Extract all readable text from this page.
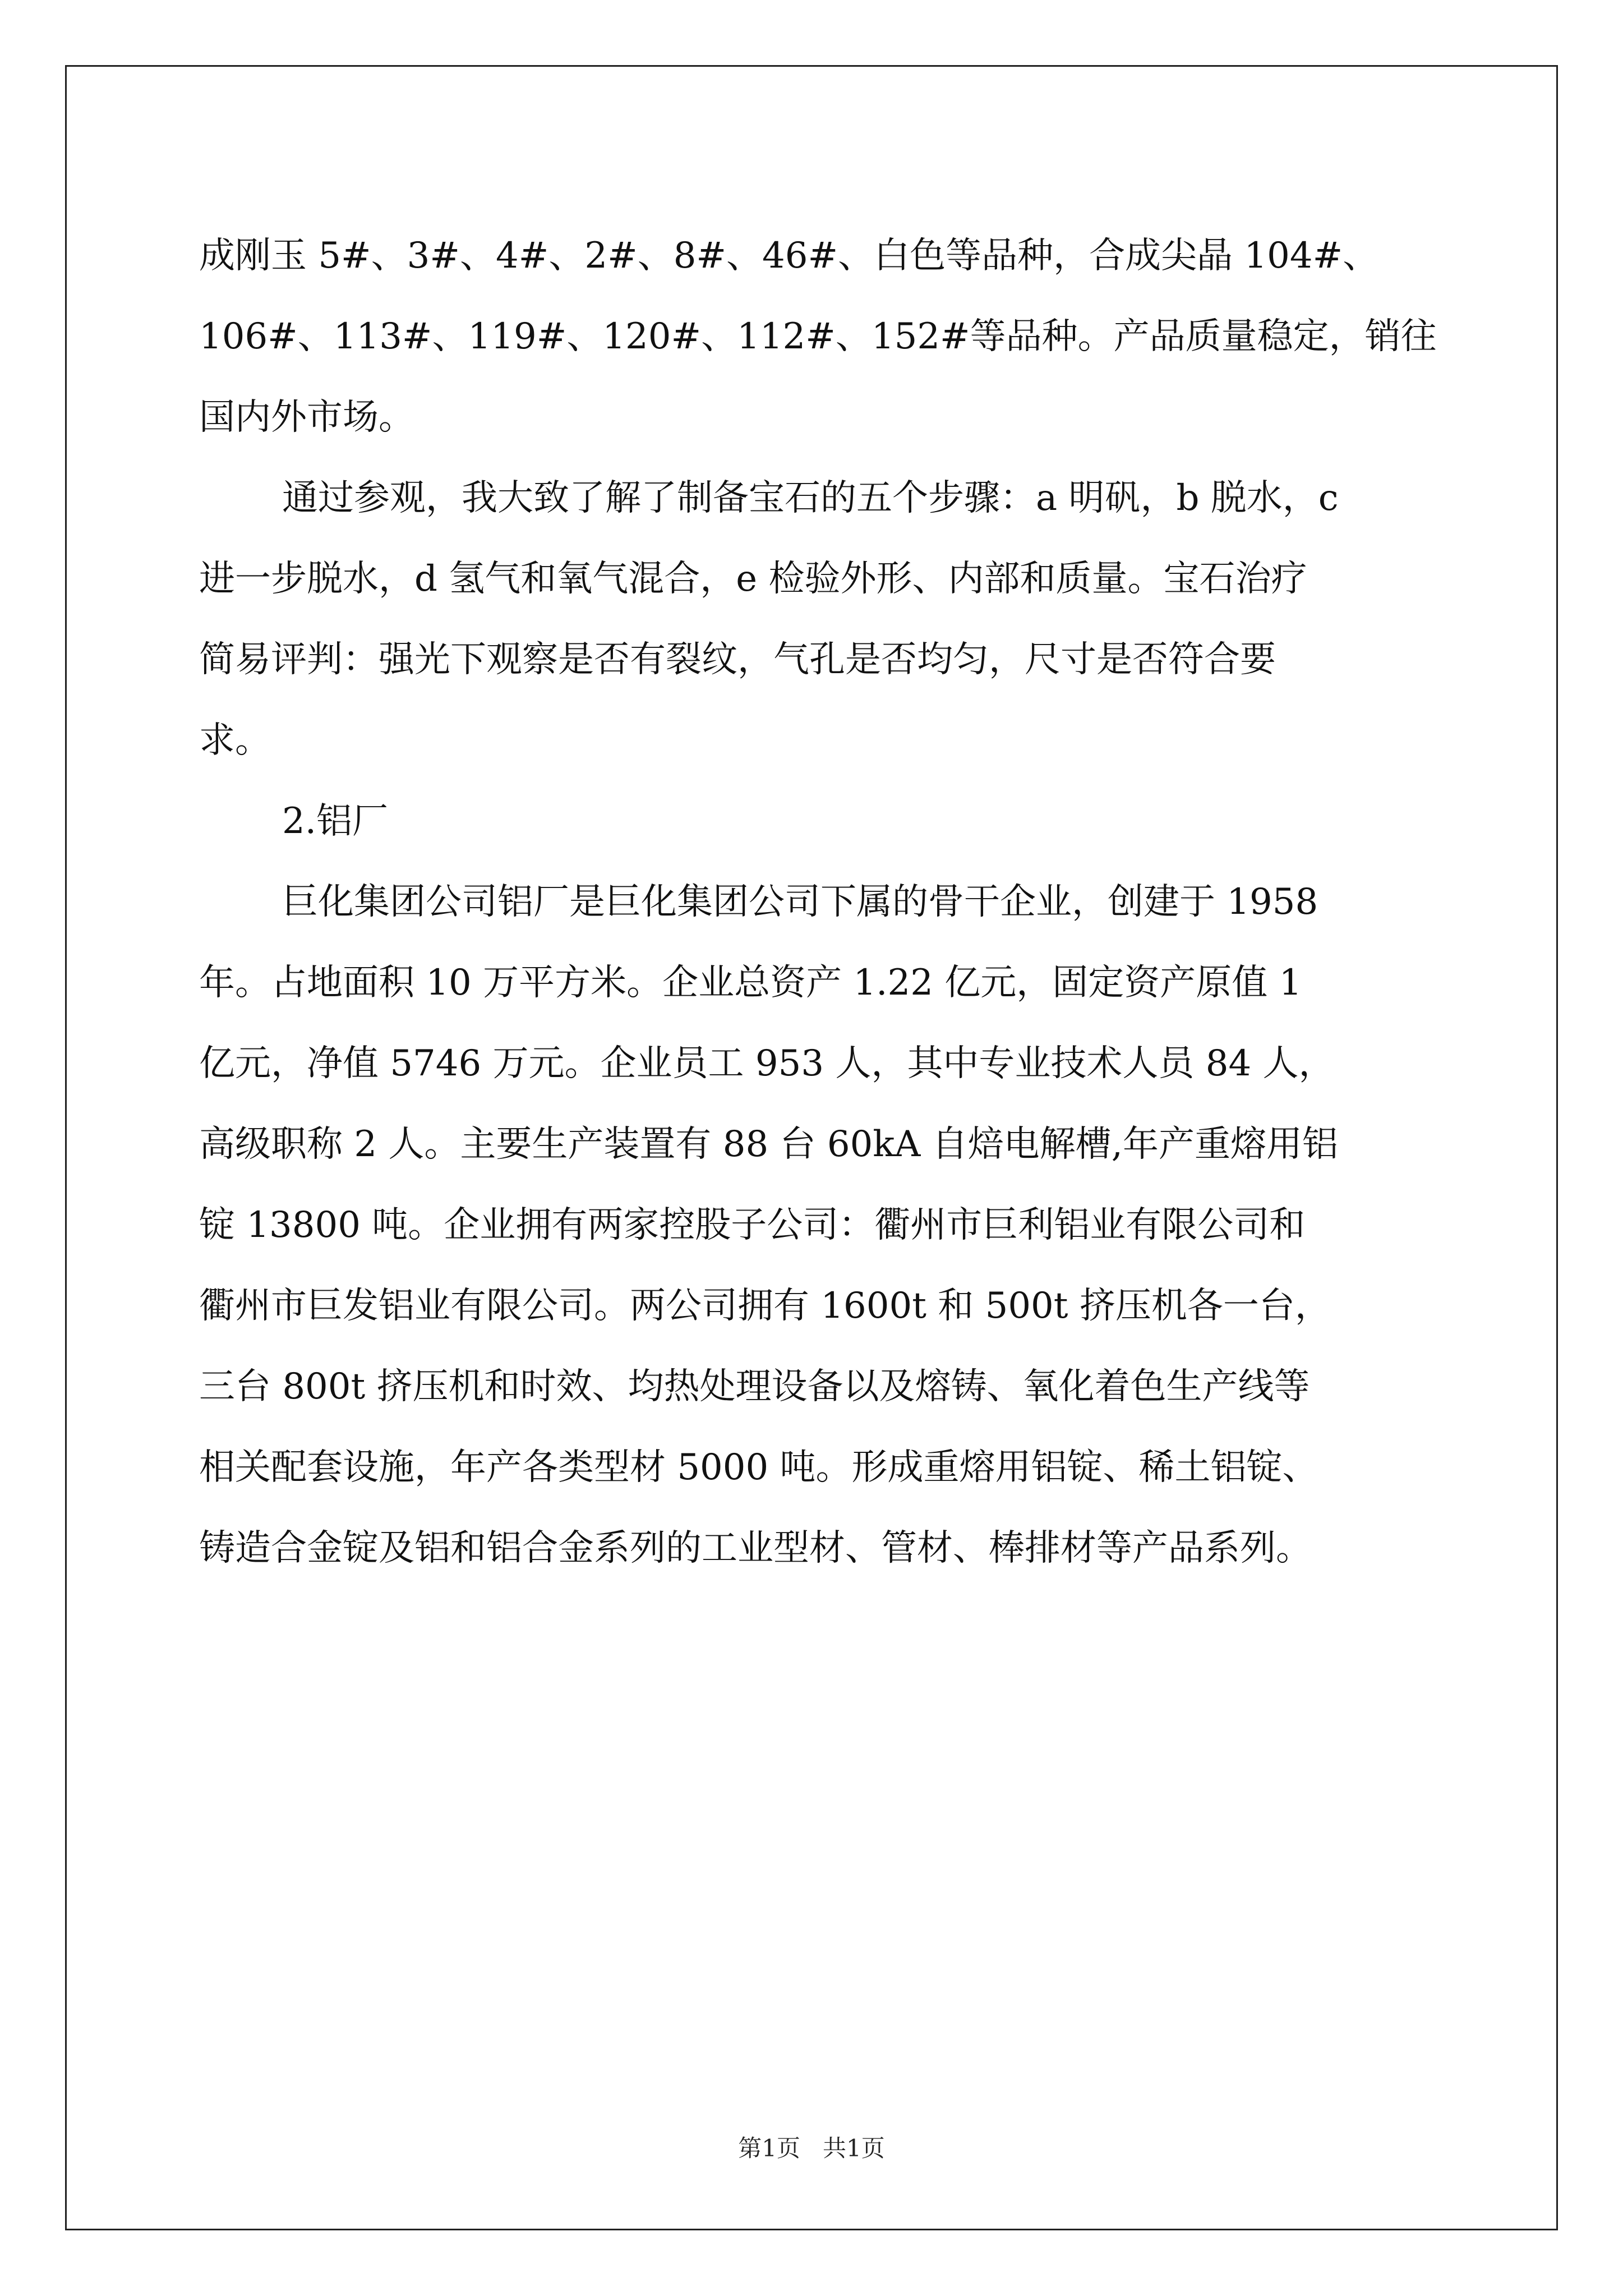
成刚玉 5#、3#、4#、2#、8#、46#、白色等品种，合成尖晶 104#、
106#、113#、119#、120#、112#、152#等品种。产品质量稳定，销往
国内外市场。
通过参观，我大致了解了制备宝石的五个步骤：a 明矾，b 脱水，c
进一步脱水，d 氢气和氧气混合，e 检验外形、内部和质量。宝石治疗
简易评判：强光下观察是否有裂纹，气孔是否均匀，尺寸是否符合要
求。
2.铝厂
巨化集团公司铝厂是巨化集团公司下属的骨干企业，创建于 1958
年。占地面积 10 万平方米。企业总资产 1.22 亿元，固定资产原值 1
亿元，净值 5746 万元。企业员工 953 人，其中专业技术人员 84 人，
高级职称 2 人。主要生产装置有 88 台 60kA 自焙电解槽,年产重熔用铝
锭 13800 吨。企业拥有两家控股子公司：衢州市巨利铝业有限公司和
衢州市巨发铝业有限公司。两公司拥有 1600t 和 500t 挤压机各一台，
三台 800t 挤压机和时效、均热处理设备以及熔铸、氧化着色生产线等
相关配套设施，年产各类型材 5000 吨。形成重熔用铝锭、稀土铝锭、
铸造合金锭及铝和铝合金系列的工业型材、管材、棒排材等产品系列。
第1页   共1页
